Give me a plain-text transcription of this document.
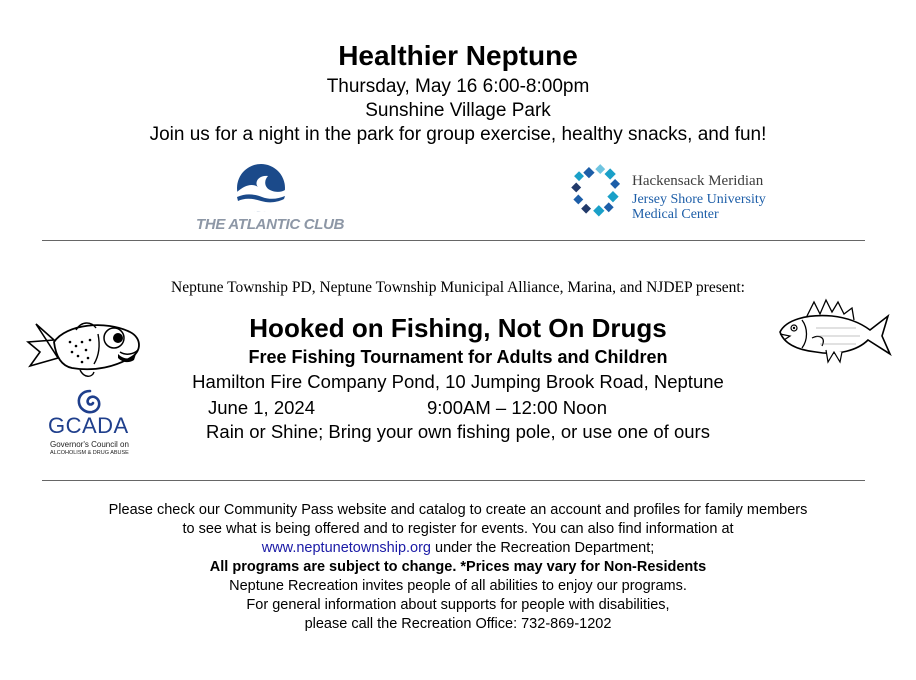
Healthier Neptune
Thursday, May 16 6:00-8:00pm
Sunshine Village Park
Join us for a night in the park for group exercise, healthy snacks, and fun!
THE ATLANTIC CLUB
Hackensack Meridian
Jersey Shore University
Medical Center
Neptune Township PD, Neptune Township Municipal Alliance, Marina, and NJDEP present:
Hooked on Fishing, Not On Drugs
Free Fishing Tournament for Adults and Children
Hamilton Fire Company Pond, 10 Jumping Brook Road, Neptune
June 1, 2024	9:00AM – 12:00 Noon
Rain or Shine; Bring your own fishing pole, or use one of ours
GCADA
Governor's Council on
ALCOHOLISM & DRUG ABUSE
Please check our Community Pass website and catalog to create an account and profiles for family members
to see what is being offered and to register for events. You can also find information at
www.neptunetownship.org under the Recreation Department;
All programs are subject to change. *Prices may vary for Non-Residents
Neptune Recreation invites people of all abilities to enjoy our programs.
For general information about supports for people with disabilities,
please call the Recreation Office: 732-869-1202
